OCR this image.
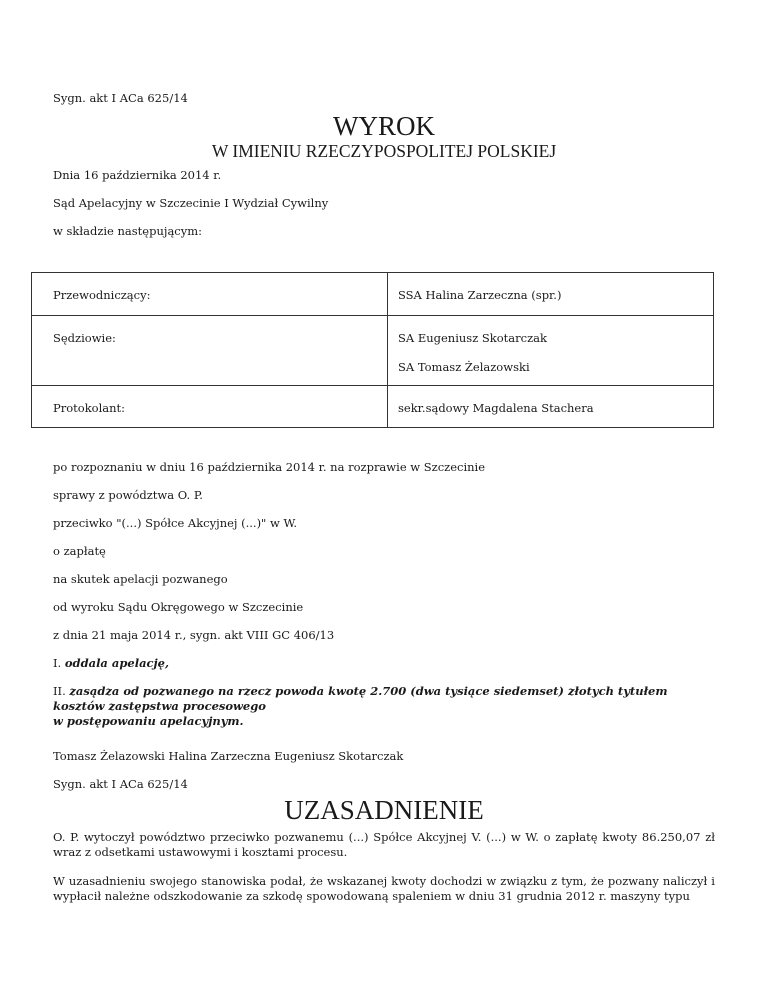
Sygn. akt I ACa 625/14

WYROK
W IMIENIU RZECZYPOSPOLITEJ POLSKIEJ

Dnia 16 października 2014 r.

Sąd Apelacyjny w Szczecinie I Wydział Cywilny

w składzie następującym:

Przewodniczący:	SSA Halina Zarzeczna (spr.)
Sędziowie:	SA Eugeniusz Skotarczak
SA Tomasz Żelazowski

Protokolant:	sekr.sądowy Magdalena Stachera

po rozpoznaniu w dniu 16 października 2014 r. na rozprawie w Szczecinie

sprawy z powództwa O. P.

przeciwko "(...) Spółce Akcyjnej (...)" w W.

o zapłatę

na skutek apelacji pozwanego

od wyroku Sądu Okręgowego w Szczecinie

z dnia 21 maja 2014 r., sygn. akt VIII GC 406/13

I. oddala apelację,

II. zasądza od pozwanego na rzecz powoda kwotę 2.700 (dwa tysiące siedemset) złotych tytułem kosztów zastępstwa procesowego
w postępowaniu apelacyjnym.

Tomasz Żelazowski Halina Zarzeczna Eugeniusz Skotarczak

Sygn. akt I ACa 625/14

UZASADNIENIE

O. P. wytoczył powództwo przeciwko pozwanemu (...) Spółce Akcyjnej V. (...) w W. o zapłatę kwoty 86.250,07 zł wraz z odsetkami ustawowymi i kosztami procesu.

W uzasadnieniu swojego stanowiska podał, że wskazanej kwoty dochodzi w związku z tym, że pozwany naliczył i wypłacił należne odszkodowanie za szkodę spowodowaną spaleniem w dniu 31 grudnia 2012 r. maszyny typu
